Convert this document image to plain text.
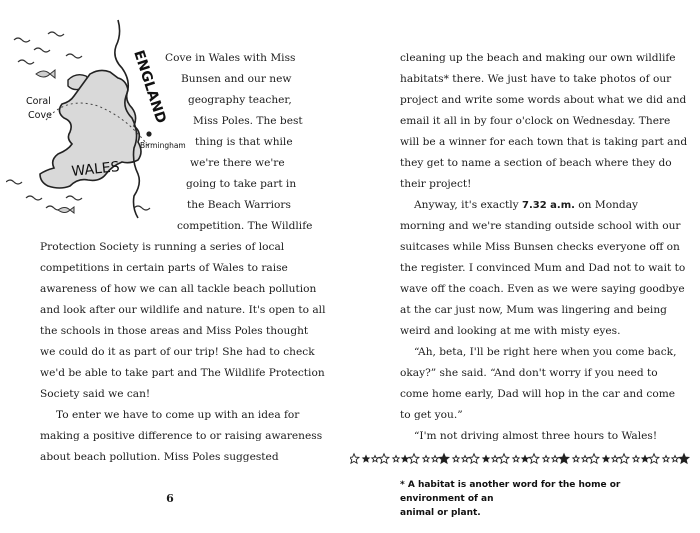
ENGLAND
WALES
Coral
Cove
Birmingham
Cove in Wales with Miss
Bunsen and our new
geography teacher,
Miss Poles. The best
thing is that while
we're there we're
going to take part in
the Beach Warriors
competition. The Wildlife
Protection Society is running a series of local
competitions in certain parts of Wales to raise
awareness of how we can all tackle beach pollution
and look after our wildlife and nature. It's open to all
the schools in those areas and Miss Poles thought
we could do it as part of our trip! She had to check
we'd be able to take part and The Wildlife Protection
Society said we can!
To enter we have to come up with an idea for
making a positive difference to or raising awareness
about beach pollution. Miss Poles suggested
6
cleaning up the beach and making our own wildlife
habitats* there. We just have to take photos of our
project and write some words about what we did and
email it all in by four o'clock on Wednesday. There
will be a winner for each town that is taking part and
they get to name a section of beach where they do
their project!
Anyway, it's exactly 7.32 a.m. on Monday
morning and we're standing outside school with our
suitcases while Miss Bunsen checks everyone off on
the register. I convinced Mum and Dad not to wait to
wave off the coach. Even as we were saying goodbye
at the car just now, Mum was lingering and being
weird and looking at me with misty eyes.
“Ah, beta, I'll be right here when you come back,
okay?” she said. “And don't worry if you need to
come home early, Dad will hop in the car and come
to get you.”
“I'm not driving almost three hours to Wales!
* A habitat is another word for the home or environment of an
animal or plant.
